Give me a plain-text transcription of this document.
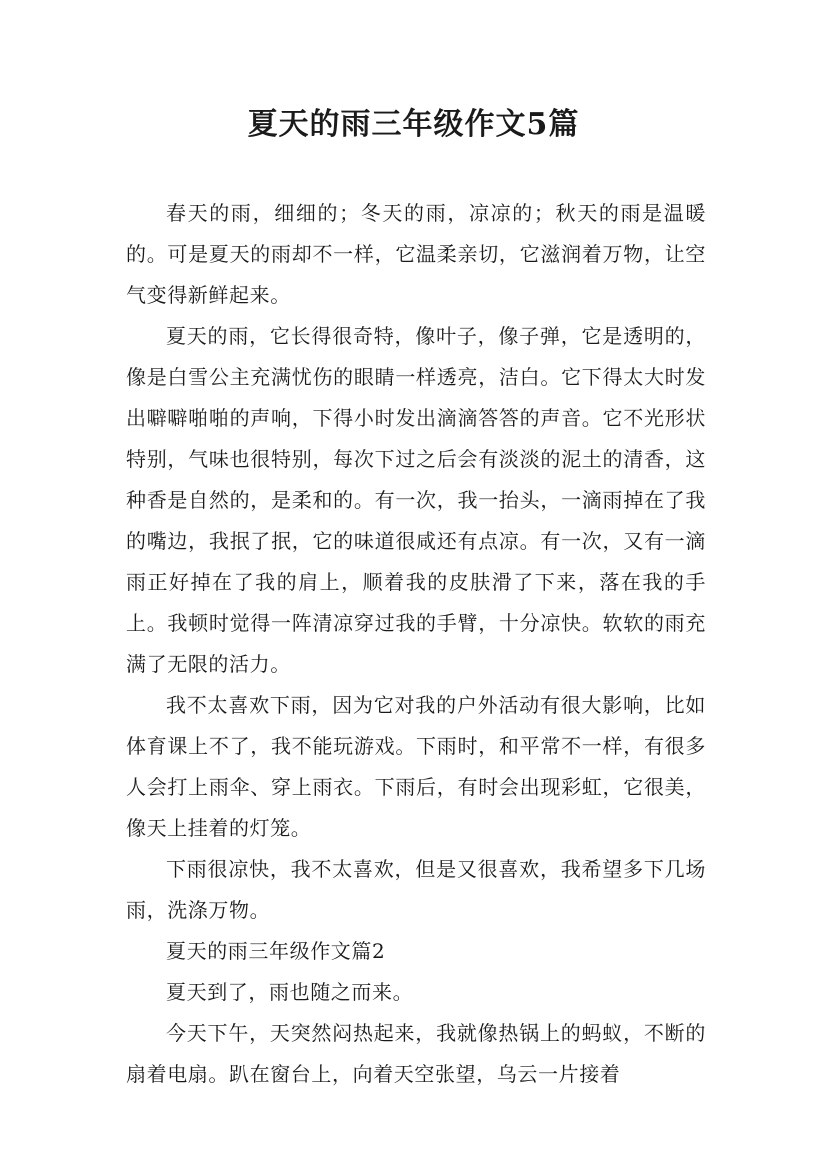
夏天的雨三年级作文5篇

春天的雨，细细的；冬天的雨，凉凉的；秋天的雨是温暖的。可是夏天的雨却不一样，它温柔亲切，它滋润着万物，让空气变得新鲜起来。

夏天的雨，它长得很奇特，像叶子，像子弹，它是透明的，像是白雪公主充满忧伤的眼睛一样透亮，洁白。它下得太大时发出噼噼啪啪的声响，下得小时发出滴滴答答的声音。它不光形状特别，气味也很特别，每次下过之后会有淡淡的泥土的清香，这种香是自然的，是柔和的。有一次，我一抬头，一滴雨掉在了我的嘴边，我抿了抿，它的味道很咸还有点凉。有一次，又有一滴雨正好掉在了我的肩上，顺着我的皮肤滑了下来，落在我的手上。我顿时觉得一阵清凉穿过我的手臂，十分凉快。软软的雨充满了无限的活力。

我不太喜欢下雨，因为它对我的户外活动有很大影响，比如体育课上不了，我不能玩游戏。下雨时，和平常不一样，有很多人会打上雨伞、穿上雨衣。下雨后，有时会出现彩虹，它很美，像天上挂着的灯笼。

下雨很凉快，我不太喜欢，但是又很喜欢，我希望多下几场雨，洗涤万物。

夏天的雨三年级作文篇2

夏天到了，雨也随之而来。

今天下午，天突然闷热起来，我就像热锅上的蚂蚁，不断的扇着电扇。趴在窗台上，向着天空张望，乌云一片接着
